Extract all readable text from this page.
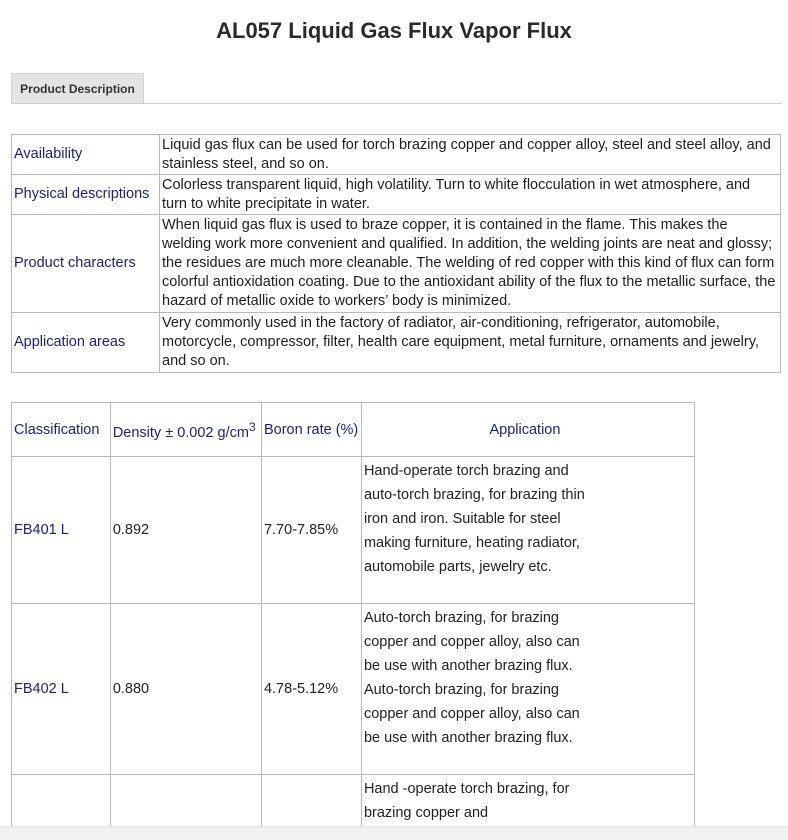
AL057 Liquid Gas Flux Vapor Flux
Product Description
Availability	Liquid gas flux can be used for torch brazing copper and copper alloy, steel and steel alloy, and stainless steel, and so on.
Physical descriptions	Colorless transparent liquid, high volatility. Turn to white flocculation in wet atmosphere, and turn to white precipitate in water.
Product characters	When liquid gas flux is used to braze copper, it is contained in the flame. This makes the welding work more convenient and qualified. In addition, the welding joints are neat and glossy; the residues are much more cleanable. The welding of red copper with this kind of flux can form colorful antioxidation coating. Due to the antioxidant ability of the flux to the metallic surface, the hazard of metallic oxide to workers’ body is minimized.
Application areas	Very commonly used in the factory of radiator, air-conditioning, refrigerator, automobile, motorcycle, compressor, filter, health care equipment, metal furniture, ornaments and jewelry, and so on.
Classification	Density ± 0.002 $g/cm^3$	Boron rate (%)	Application
FB401 L	0.892	7.70-7.85%	Hand-operate torch brazing and auto-torch brazing, for brazing thin iron and iron. Suitable for steel making furniture, heating radiator, automobile parts, jewelry etc.

FB402 L	0.880	4.78-5.12%	Auto-torch brazing, for brazing copper and copper alloy, also can be use with another brazing flux. Auto-torch brazing, for brazing copper and copper alloy, also can be use with another brazing flux.

			Hand -operate torch brazing, for brazing copper and
